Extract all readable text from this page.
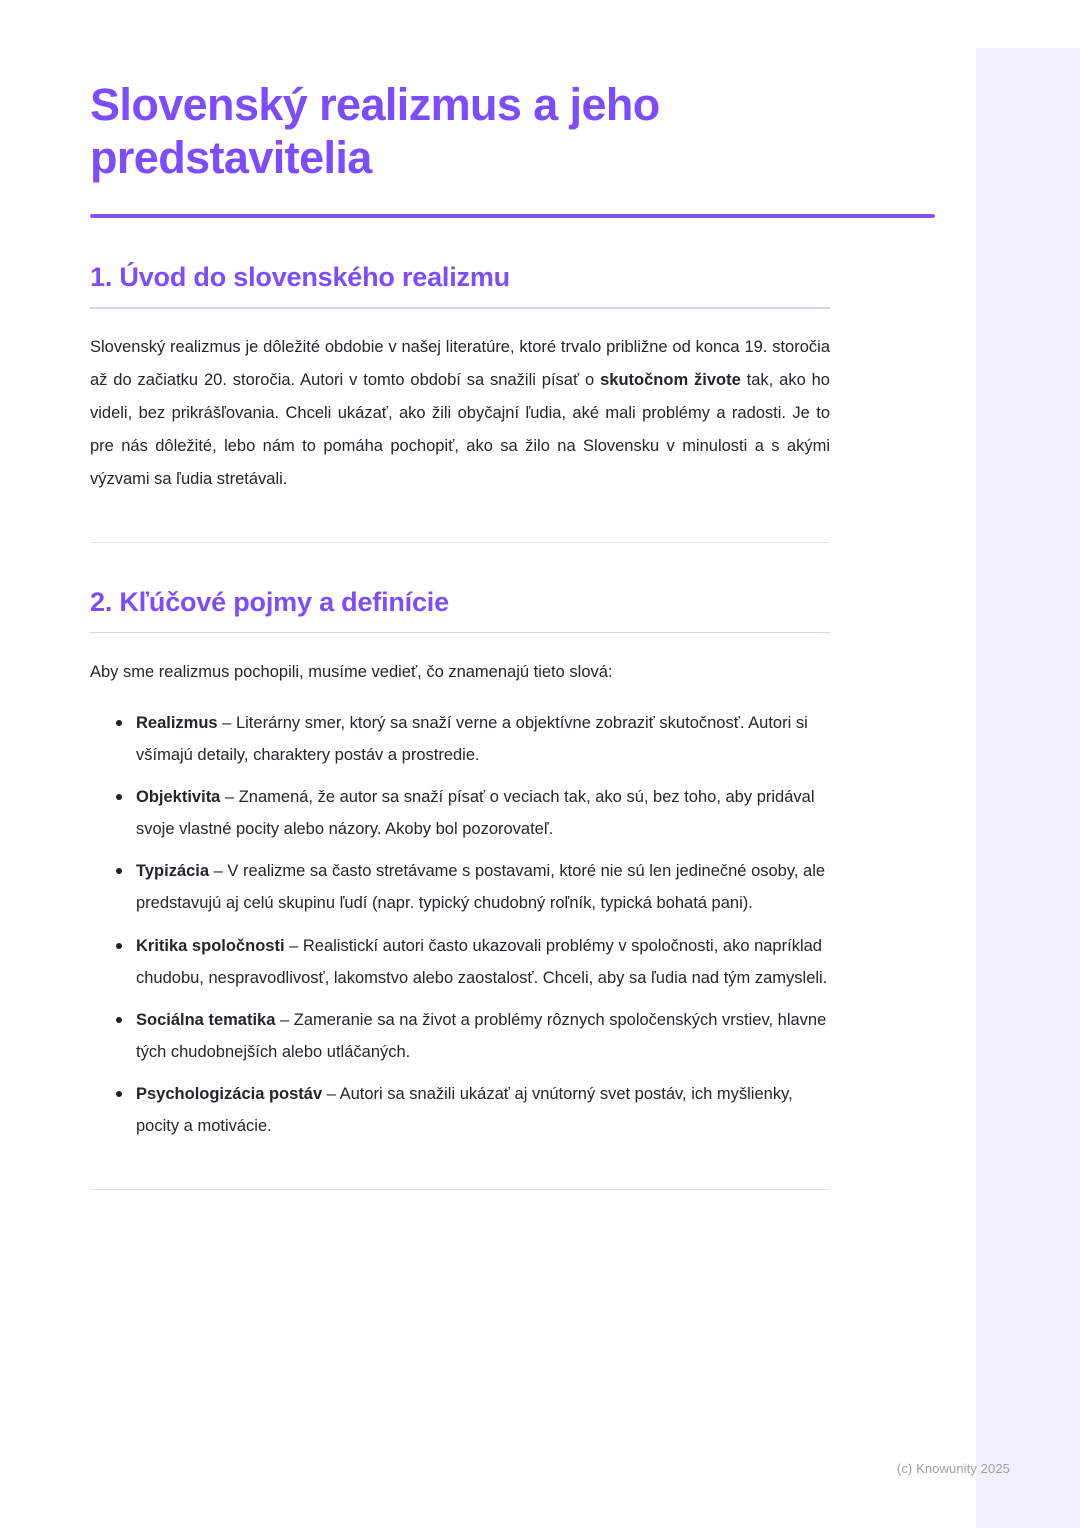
Slovenský realizmus a jeho predstavitelia
1. Úvod do slovenského realizmu

Slovenský realizmus je dôležité obdobie v našej literatúre, ktoré trvalo približne od konca 19. storočia až do začiatku 20. storočia. Autori v tomto období sa snažili písať o skutočnom živote tak, ako ho videli, bez prikrášľovania. Chceli ukázať, ako žili obyčajní ľudia, aké mali problémy a radosti. Je to pre nás dôležité, lebo nám to pomáha pochopiť, ako sa žilo na Slovensku v minulosti a s akými výzvami sa ľudia stretávali.

2. Kľúčové pojmy a definície

Aby sme realizmus pochopili, musíme vedieť, čo znamenajú tieto slová:

Realizmus – Literárny smer, ktorý sa snaží verne a objektívne zobraziť skutočnosť. Autori si všímajú detaily, charaktery postáv a prostredie.
Objektivita – Znamená, že autor sa snaží písať o veciach tak, ako sú, bez toho, aby pridával svoje vlastné pocity alebo názory. Akoby bol pozorovateľ.
Typizácia – V realizme sa často stretávame s postavami, ktoré nie sú len jedinečné osoby, ale predstavujú aj celú skupinu ľudí (napr. typický chudobný roľník, typická bohatá pani).
Kritika spoločnosti – Realistickí autori často ukazovali problémy v spoločnosti, ako napríklad chudobu, nespravodlivosť, lakomstvo alebo zaostalosť. Chceli, aby sa ľudia nad tým zamysleli.
Sociálna tematika – Zameranie sa na život a problémy rôznych spoločenských vrstiev, hlavne tých chudobnejších alebo utláčaných.
Psychologizácia postáv – Autori sa snažili ukázať aj vnútorný svet postáv, ich myšlienky, pocity a motivácie.
(c) Knowunity 2025
